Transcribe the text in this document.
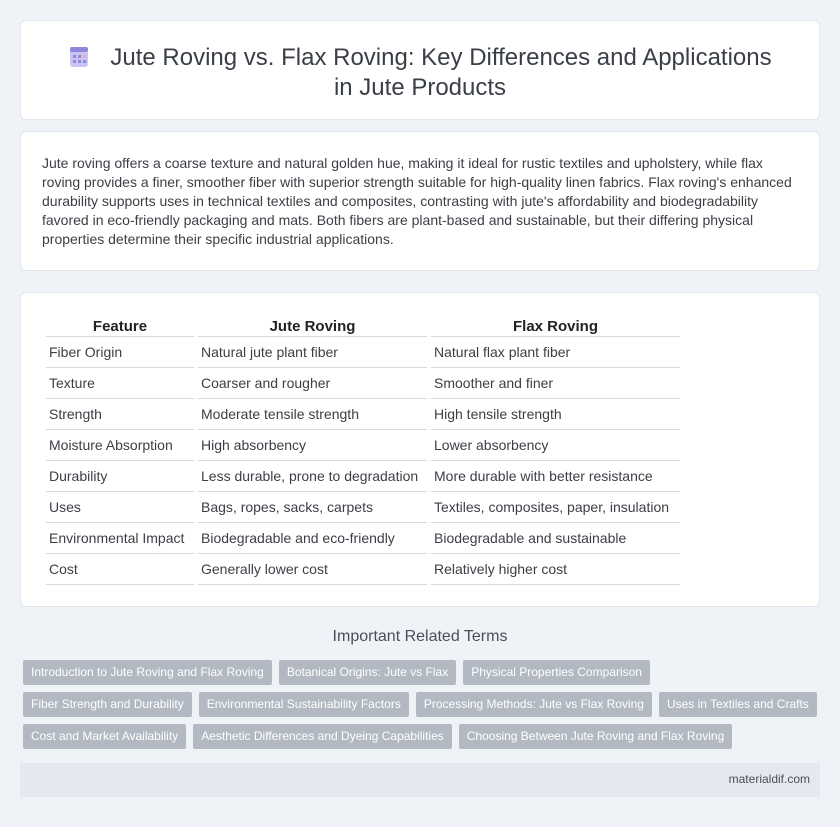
Jute Roving vs. Flax Roving: Key Differences and Applications in Jute Products

Jute roving offers a coarse texture and natural golden hue, making it ideal for rustic textiles and upholstery, while flax roving provides a finer, smoother fiber with superior strength suitable for high-quality linen fabrics. Flax roving's enhanced durability supports uses in technical textiles and composites, contrasting with jute's affordability and biodegradability favored in eco-friendly packaging and mats. Both fibers are plant-based and sustainable, but their differing physical properties determine their specific industrial applications.

Feature	Jute Roving	Flax Roving
Fiber Origin	Natural jute plant fiber	Natural flax plant fiber
Texture	Coarser and rougher	Smoother and finer
Strength	Moderate tensile strength	High tensile strength
Moisture Absorption	High absorbency	Lower absorbency
Durability	Less durable, prone to degradation	More durable with better resistance
Uses	Bags, ropes, sacks, carpets	Textiles, composites, paper, insulation
Environmental Impact	Biodegradable and eco-friendly	Biodegradable and sustainable
Cost	Generally lower cost	Relatively higher cost
Important Related Terms
Introduction to Jute Roving and Flax Roving Botanical Origins: Jute vs Flax Physical Properties Comparison
Fiber Strength and Durability Environmental Sustainability Factors Processing Methods: Jute vs Flax Roving Uses in Textiles and Crafts
Cost and Market Availability Aesthetic Differences and Dyeing Capabilities Choosing Between Jute Roving and Flax Roving
materialdif.com
